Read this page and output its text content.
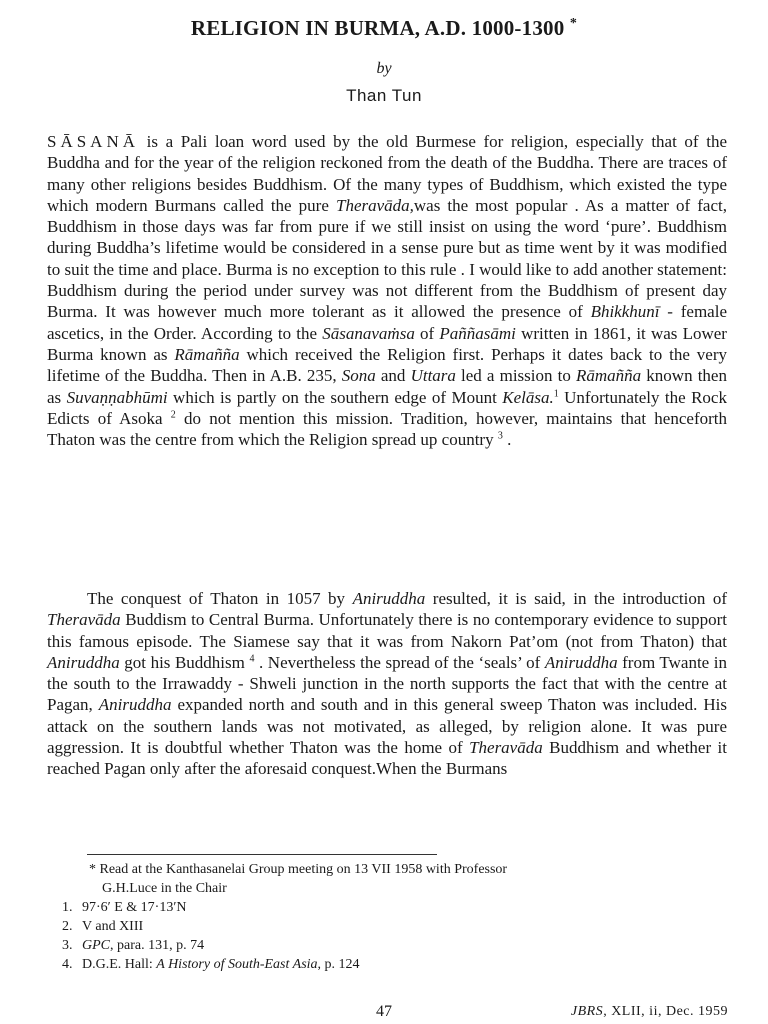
RELIGION IN BURMA, A.D. 1000-1300 *
by
Than Tun
SĀSANĀ is a Pali loan word used by the old Burmese for religion, especially that of the Buddha and for the year of the religion reckoned from the death of the Buddha. There are traces of many other religions besides Buddhism. Of the many types of Buddhism, which existed the type which modern Burmans called the pure Theravāda,was the most popular . As a matter of fact, Buddhism in those days was far from pure if we still insist on using the word ‘pure’. Buddhism during Buddha’s lifetime would be considered in a sense pure but as time went by it was modified to suit the time and place. Burma is no exception to this rule . I would like to add another statement: Buddhism during the period under survey was not different from the Buddhism of present day Burma. It was however much more tolerant as it allowed the presence of Bhikkhunī - female ascetics, in the Order. According to the Sāsanavaṁsa of Paññasāmi written in 1861, it was Lower Burma known as Rāmañña which received the Religion first. Perhaps it dates back to the very lifetime of the Buddha. Then in A.B. 235, Sona and Uttara led a mission to Rāmañña known then as Suvaṇṇabhūmi which is partly on the southern edge of Mount Kelāsa.$^1$ Unfortunately the Rock Edicts of Asoka $^2$ do not mention this mission. Tradition, however, maintains that henceforth Thaton was the centre from which the Religion spread up country $^3$ .
The conquest of Thaton in 1057 by Aniruddha resulted, it is said, in the introduction of Theravāda Buddism to Central Burma. Unfortunately there is no contemporary evidence to support this famous episode. The Siamese say that it was from Nakorn Pat’om (not from Thaton) that Aniruddha got his Buddhism $^4$ . Nevertheless the spread of the ‘seals’ of Aniruddha from Twante in the south to the Irrawaddy - Shweli junction in the north supports the fact that with the centre at Pagan, Aniruddha expanded north and south and in this general sweep Thaton was included. His attack on the southern lands was not motivated, as alleged, by religion alone. It was pure aggression. It is doubtful whether Thaton was the home of Theravāda Buddhism and whether it reached Pagan only after the aforesaid conquest.When the Burmans
* Read at the Kanthasanelai Group meeting on 13 VII 1958 with Professor
G.H.Luce in the Chair
1. 97·6′ E & 17·13′N
2. V and XIII
3. GPC, para. 131, p. 74
4. D.G.E. Hall: A History of South-East Asia, p. 124
47	JBRS, XLII, ii, Dec. 1959
